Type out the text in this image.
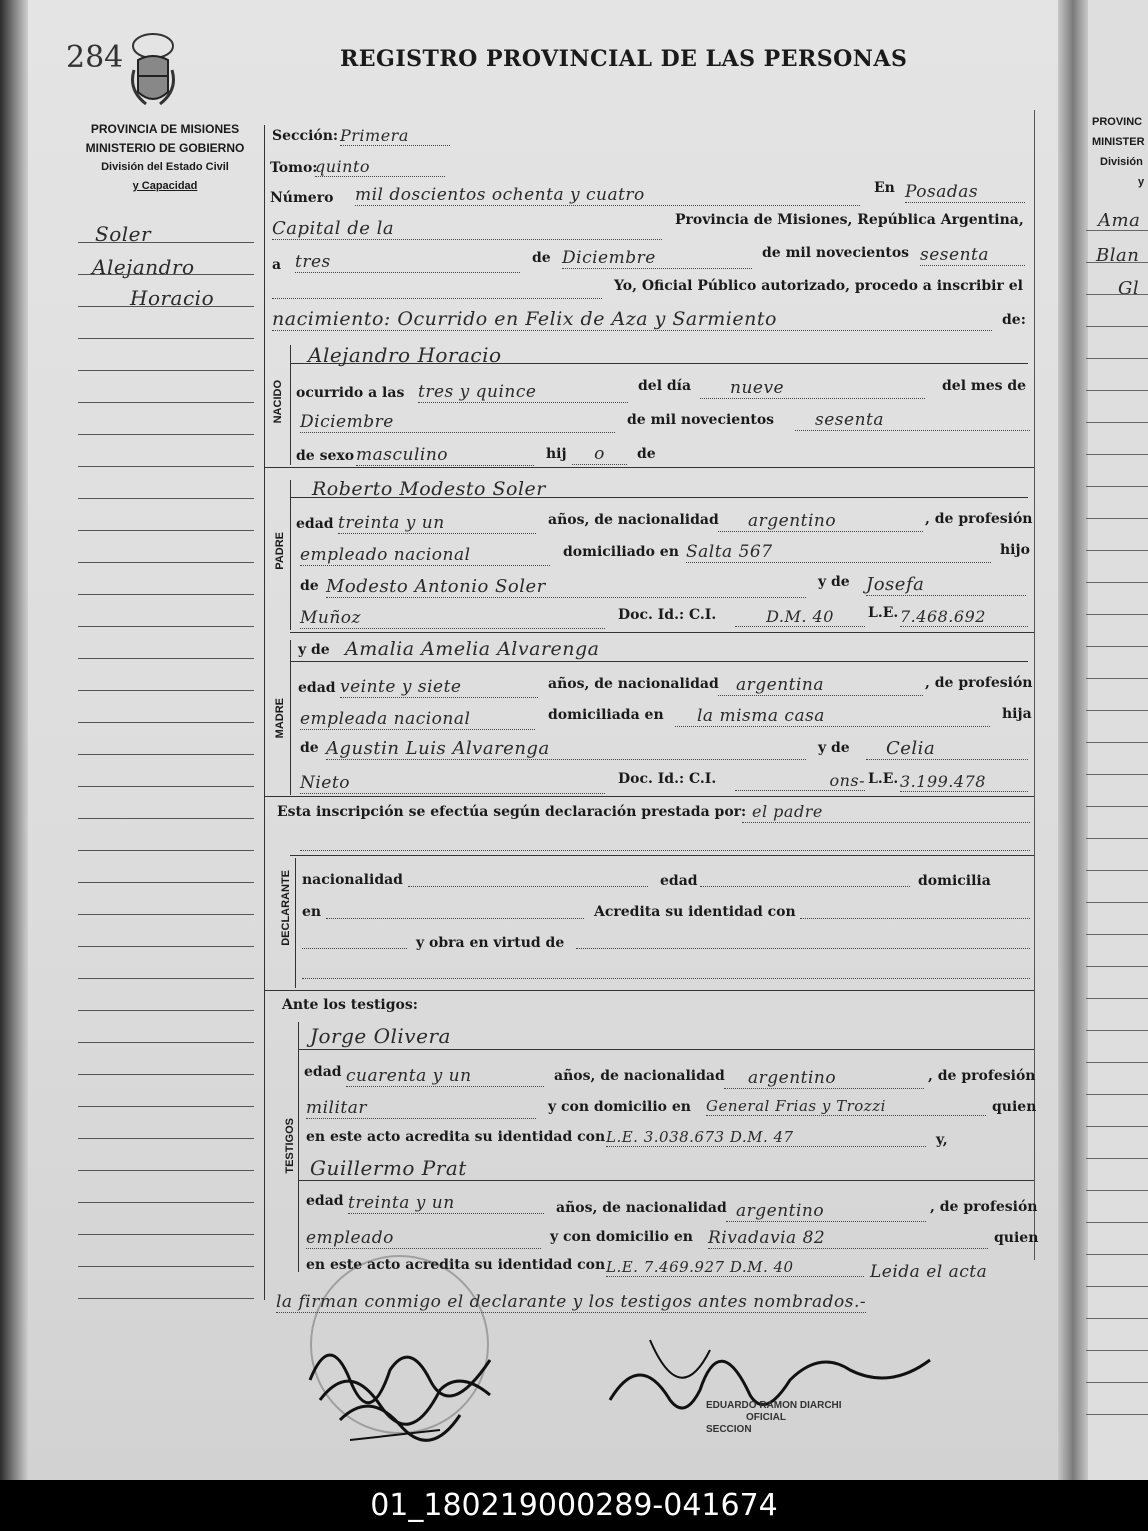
284	REGISTRO PROVINCIAL DE LAS PERSONAS
PROVINCIA DE MISIONES
MINISTERIO DE GOBIERNO
División del Estado Civil
y Capacidad
Soler
Alejandro
Horacio
Sección: Primera
Tomo:
quinto
Número mil doscientos ochenta y cuatro	En Posadas
Capital de la	Provincia de Misiones, República Argentina,
a tres	de Diciembre	de mil novecientos sesenta
Yo, Oficial Público autorizado, procedo a inscribir el
nacimiento: Ocurrido en Felix de Aza y Sarmiento	de:
NACIDO
Alejandro Horacio
ocurrido a las tres y quince	del día	nueve	del mes de
Diciembre	de mil novecientos	sesenta
de sexo masculino	hij	o	de
PADRE
Roberto Modesto Soler
edad treinta y un	años, de nacionalidad	argentino	, de profesión
empleado nacional	domiciliado en Salta 567	hijo
de Modesto Antonio Soler	y de Josefa
Muñoz	Doc. Id.: C.I.	D.M. 40	L.E. 7.468.692
MADRE
y de Amalia Amelia Alvarenga
edad veinte y siete	años, de nacionalidad	argentina	, de profesión
empleada nacional	domiciliada en	la misma casa	hija
de Agustin Luis Alvarenga	y de	Celia
Nieto	Doc. Id.: C.I.	ons- L.E. 3.199.478
Esta inscripción se efectúa según declaración prestada por: el padre
DECLARANTE nacionalidad	edad	domicilia
en	Acredita su identidad con
y obra en virtud de
Ante los testigos:
TESTIGOS
Jorge Olivera
edad cuarenta y un	años, de nacionalidad	argentino	, de profesión
militar	y con domicilio en General Frias y Trozzi	quien
en este acto acredita su identidad con L.E. 3.038.673 D.M. 47	y,
Guillermo Prat
edad treinta y un	años, de nacionalidad argentino	, de profesión
empleado	y con domicilio en Rivadavia 82	quien
en este acto acredita su identidad con L.E. 7.469.927 D.M. 40	Leida el acta
la firman conmigo el declarante y los testigos antes nombrados.-
EDUARDO RAMON DIARCHI
OFICIAL
SECCION
PROVINC
MINISTER
División
y
Ama
Blan
Gl
01_180219000289-041674
